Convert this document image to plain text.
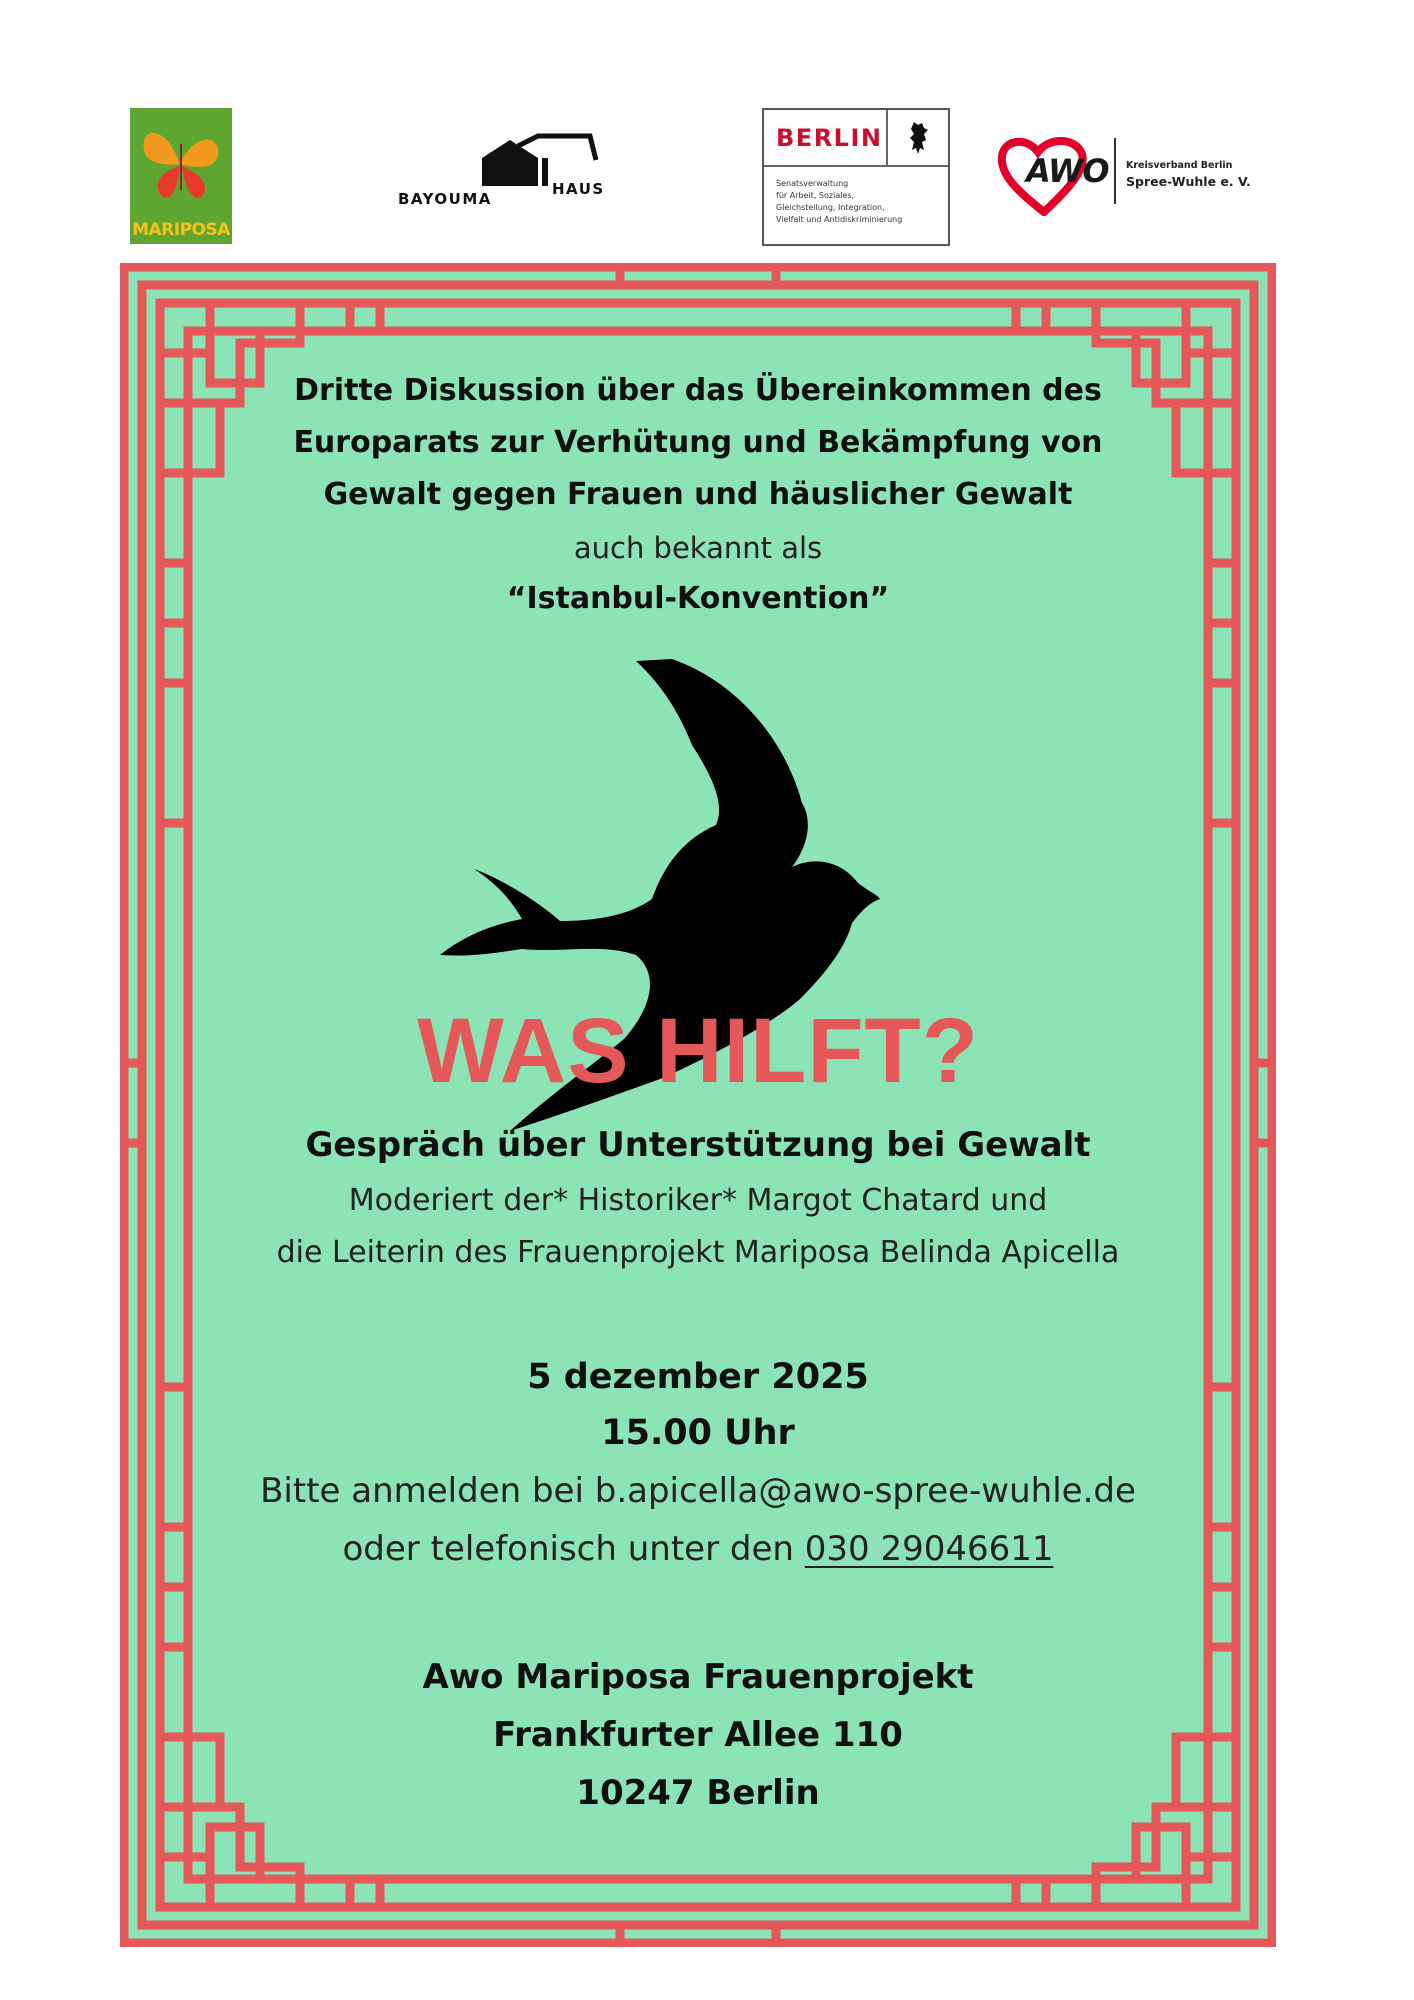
MARIPOSA
BAYOUMA
HAUS
BERLIN
Senatsverwaltung
für Arbeit, Soziales,
Gleichstellung, Integration,
Vielfalt und Antidiskriminierung
AWO Kreisverband Berlin
Spree-Wuhle e. V.
Dritte Diskussion über das Übereinkommen des
Europarats zur Verhütung und Bekämpfung von
Gewalt gegen Frauen und häuslicher Gewalt
auch bekannt als
“Istanbul-Konvention”
WAS HILFT?
Gespräch über Unterstützung bei Gewalt
Moderiert der* Historiker* Margot Chatard und
die Leiterin des Frauenprojekt Mariposa Belinda Apicella
5 dezember 2025
15.00 Uhr
Bitte anmelden bei b.apicella@awo-spree-wuhle.de
oder telefonisch unter den 030 29046611
Awo Mariposa Frauenprojekt
Frankfurter Allee 110
10247 Berlin
